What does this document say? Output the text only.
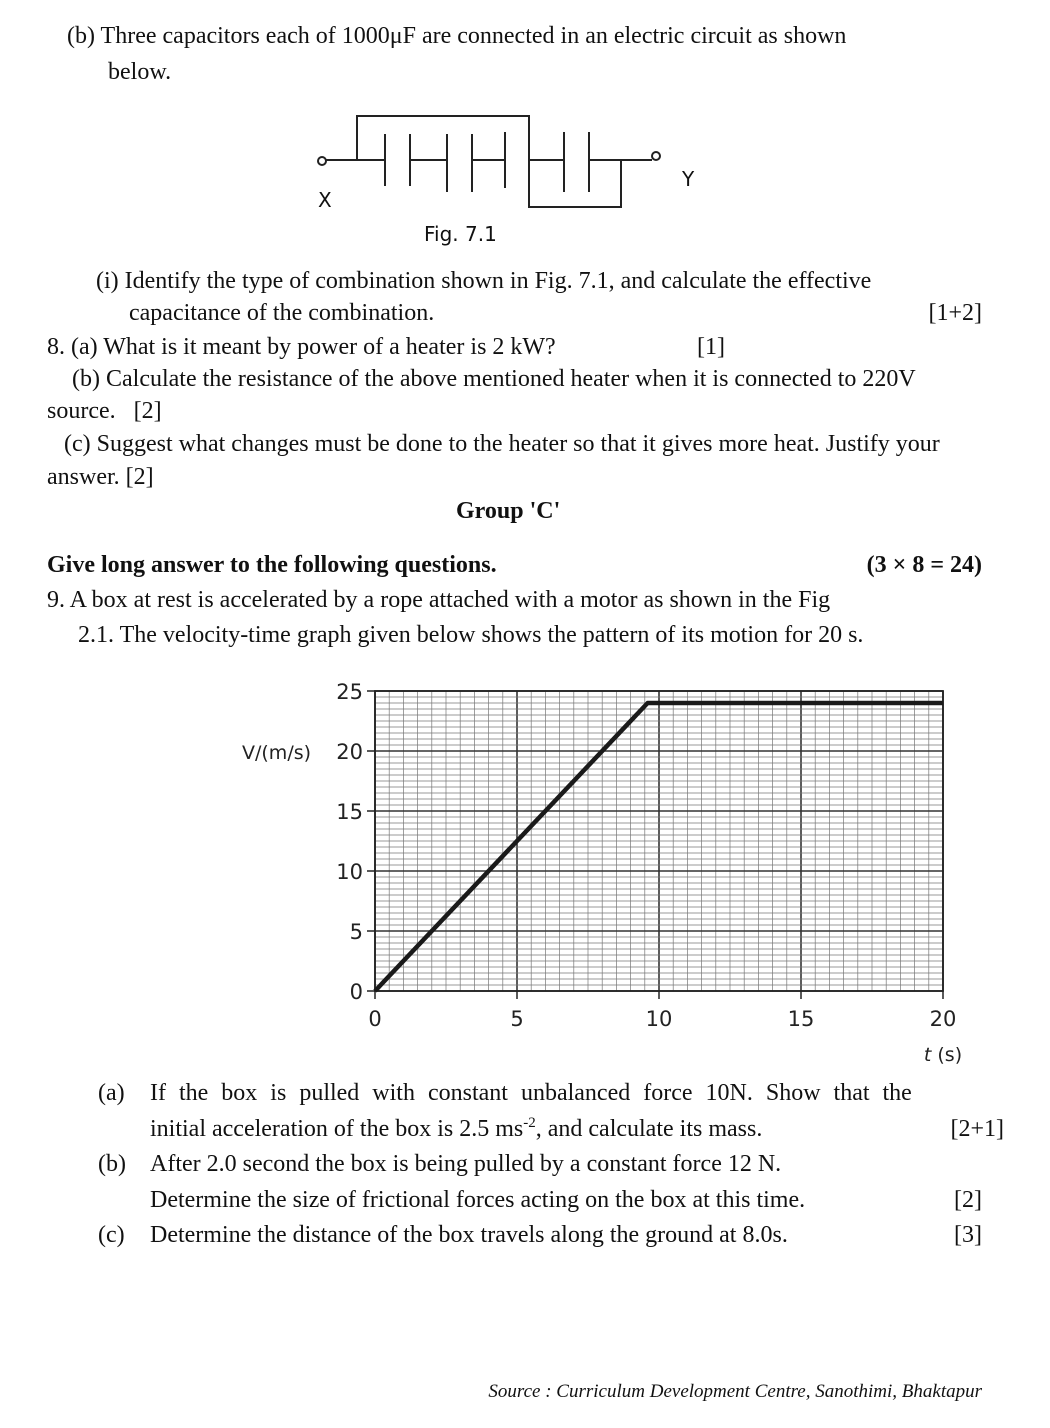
(b) Three capacitors each of 1000μF are connected in an electric circuit as shown
below.
X
Y
Fig. 7.1
(i) Identify the type of combination shown in Fig. 7.1, and calculate the effective
capacitance of the combination.	[1+2]
8. (a) What is it meant by power of a heater is 2 kW?	[1]
(b) Calculate the resistance of the above mentioned heater when it is connected to 220V
source.   [2]
(c) Suggest what changes must be done to the heater so that it gives more heat. Justify your
answer. [2]
Group 'C'
Give long answer to the following questions.	(3 × 8 = 24)
9. A box at rest is accelerated by a rope attached with a motor as shown in the Fig
2.1. The velocity-time graph given below shows the pattern of its motion for 20 s.
0
5
10
15
20
25
0	5	10	15	20
V/(m/s)
t (s)
(a) If the box is pulled with constant unbalanced force 10N. Show that the
initial acceleration of the box is 2.5 $ms^{-2}$, and calculate its mass.	[2+1]
(b) After 2.0 second the box is being pulled by a constant force 12 N.
Determine the size of frictional forces acting on the box at this time.	[2]
(c) Determine the distance of the box travels along the ground at 8.0s.	[3]
Source : Curriculum Development Centre, Sanothimi, Bhaktapur
